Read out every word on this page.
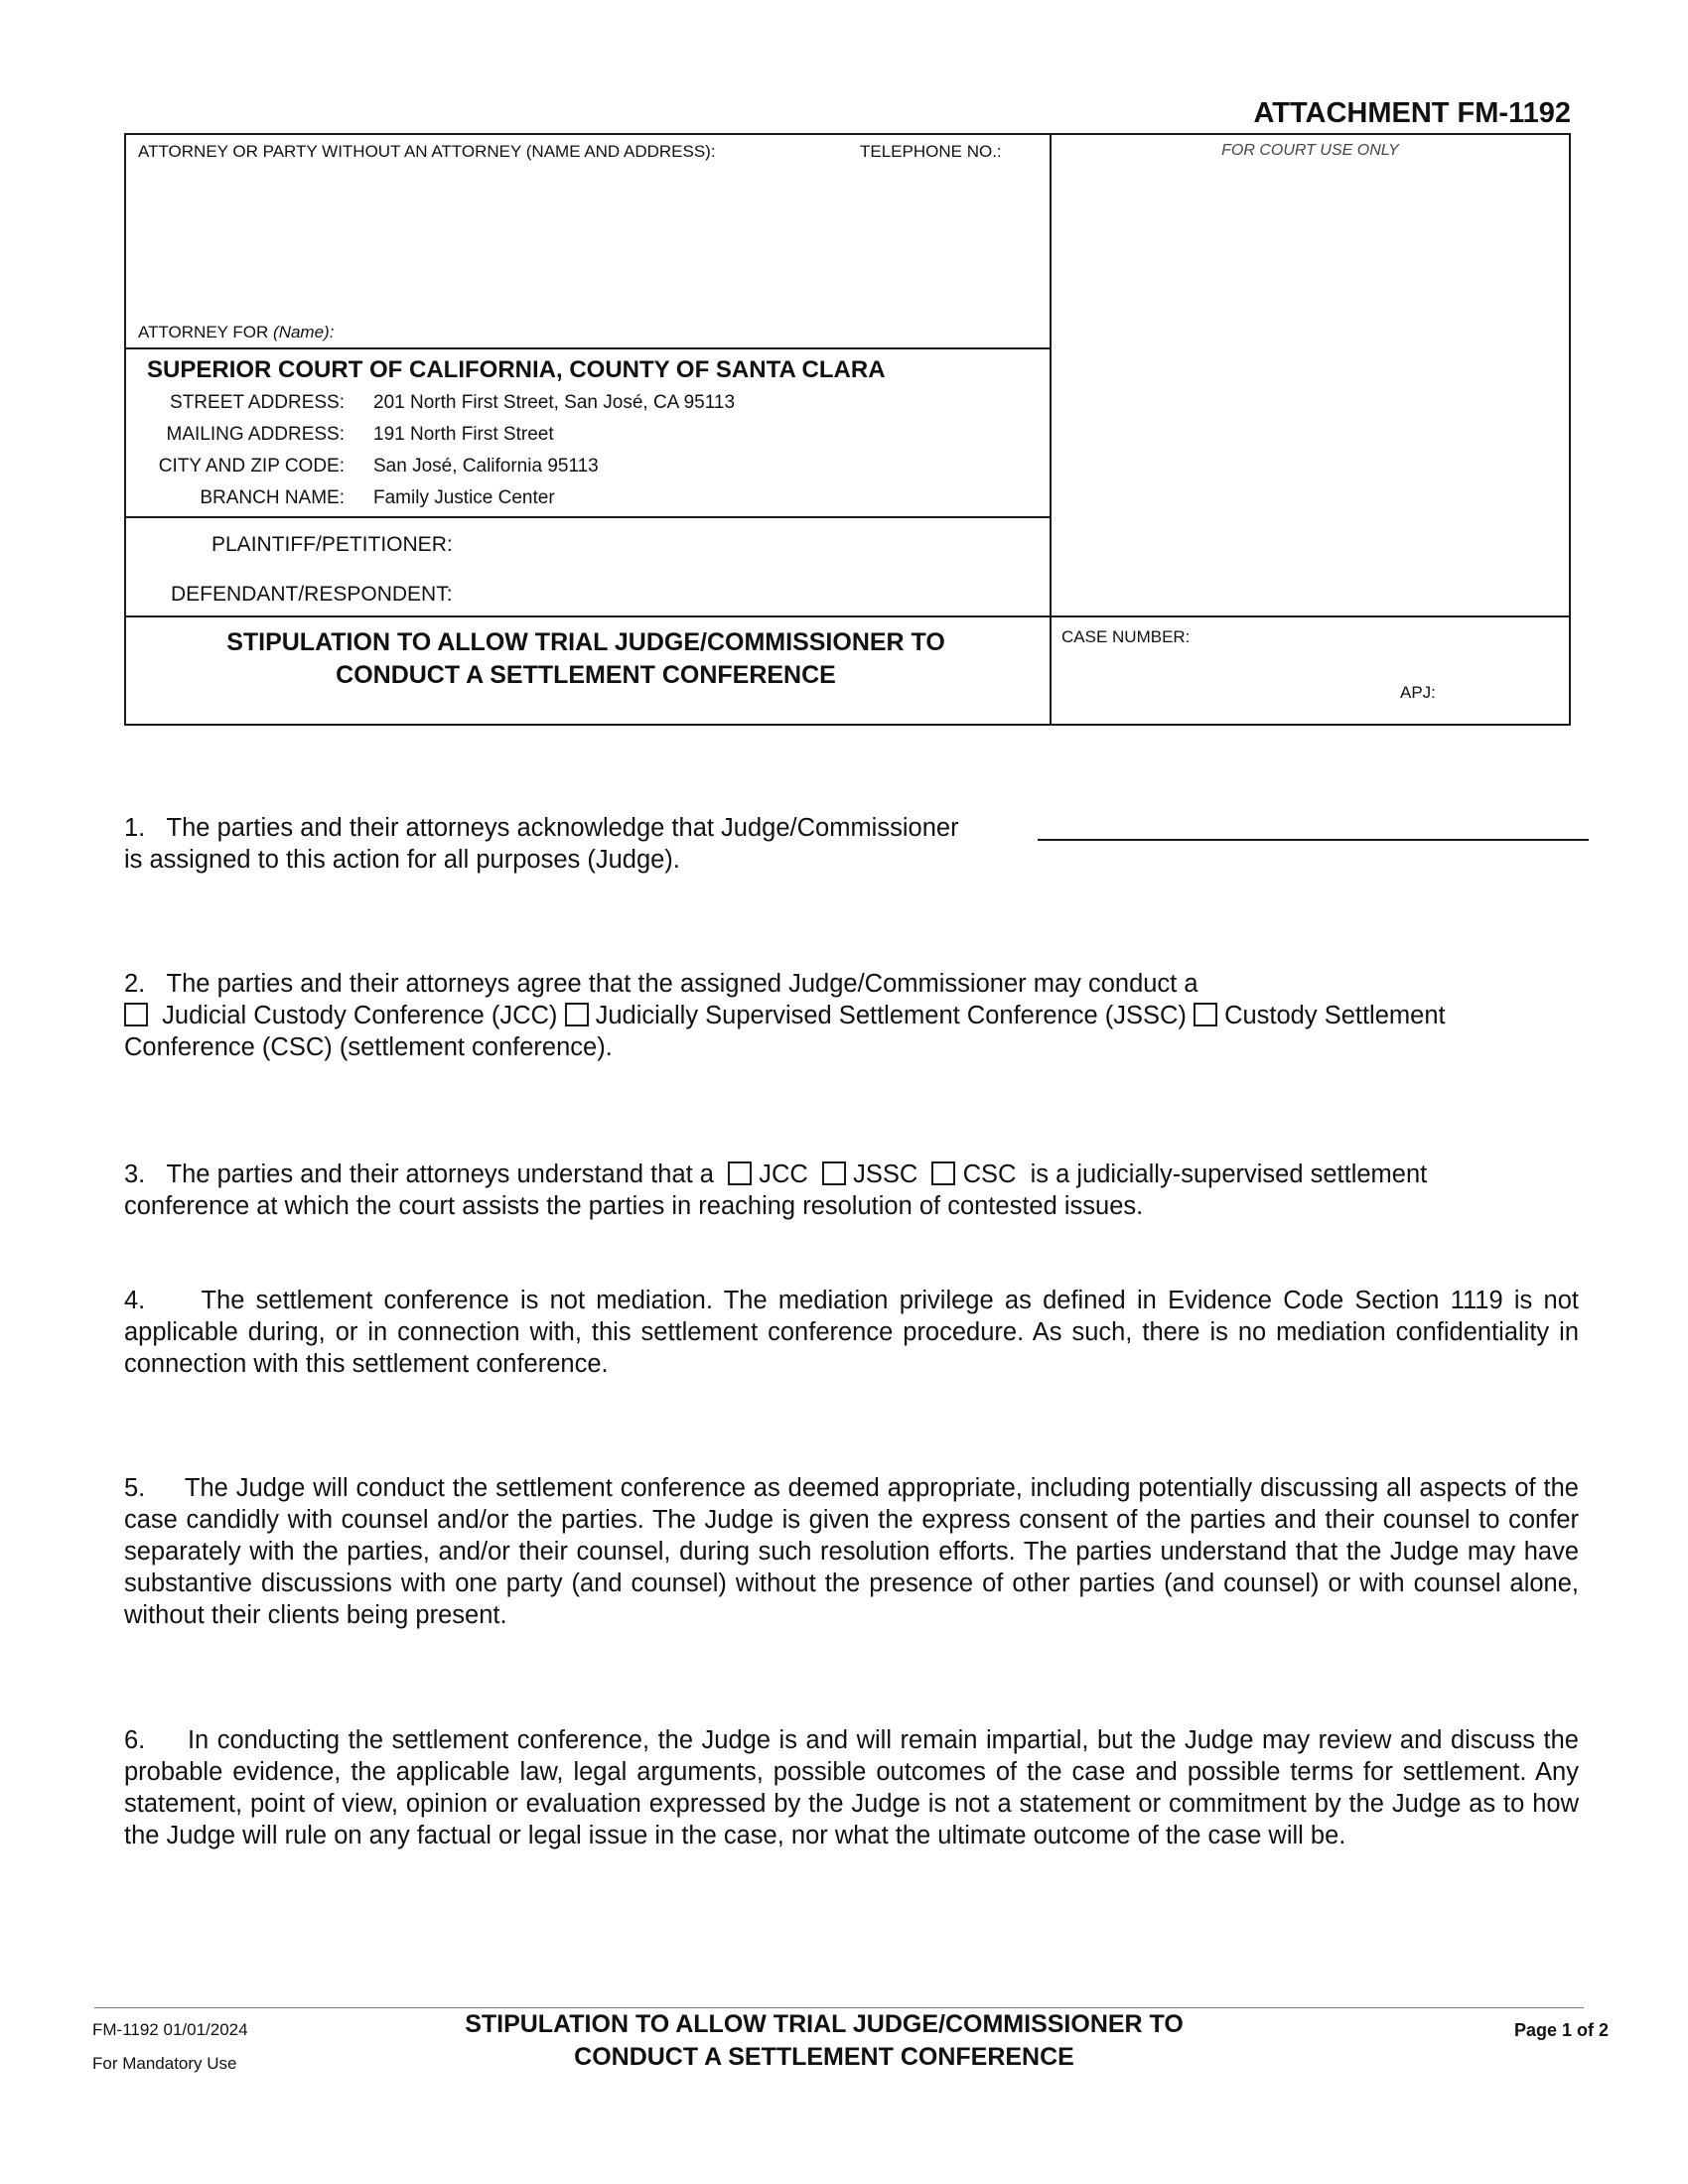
ATTACHMENT FM-1192
ATTORNEY OR PARTY WITHOUT AN ATTORNEY (NAME AND ADDRESS):	TELEPHONE NO.:	FOR COURT USE ONLY
ATTORNEY FOR (Name):
SUPERIOR COURT OF CALIFORNIA, COUNTY OF SANTA CLARA
STREET ADDRESS: 201 North First Street, San José, CA 95113
MAILING ADDRESS: 191 North First Street
CITY AND ZIP CODE: San José, California 95113
BRANCH NAME: Family Justice Center
PLAINTIFF/PETITIONER:
DEFENDANT/RESPONDENT:
STIPULATION TO ALLOW TRIAL JUDGE/COMMISSIONER TO
CONDUCT A SETTLEMENT CONFERENCE
CASE NUMBER:
APJ:
1. The parties and their attorneys acknowledge that Judge/Commissioner
is assigned to this action for all purposes (Judge).
2. The parties and their attorneys agree that the assigned Judge/Commissioner may conduct a
Judicial Custody Conference (JCC) Judicially Supervised Settlement Conference (JSSC) Custody Settlement
Conference (CSC) (settlement conference).
3. The parties and their attorneys understand that a JCC JSSC CSC is a judicially-supervised settlement
conference at which the court assists the parties in reaching resolution of contested issues.
4. The settlement conference is not mediation. The mediation privilege as defined in Evidence Code Section 1119 is not applicable during, or in connection with, this settlement conference procedure. As such, there is no mediation confidentiality in connection with this settlement conference.
5. The Judge will conduct the settlement conference as deemed appropriate, including potentially discussing all aspects of the case candidly with counsel and/or the parties. The Judge is given the express consent of the parties and their counsel to confer separately with the parties, and/or their counsel, during such resolution efforts. The parties understand that the Judge may have substantive discussions with one party (and counsel) without the presence of other parties (and counsel) or with counsel alone, without their clients being present.
6. In conducting the settlement conference, the Judge is and will remain impartial, but the Judge may review and discuss the probable evidence, the applicable law, legal arguments, possible outcomes of the case and possible terms for settlement. Any statement, point of view, opinion or evaluation expressed by the Judge is not a statement or commitment by the Judge as to how the Judge will rule on any factual or legal issue in the case, nor what the ultimate outcome of the case will be.
FM-1192 01/01/2024
For Mandatory Use
STIPULATION TO ALLOW TRIAL JUDGE/COMMISSIONER TO
CONDUCT A SETTLEMENT CONFERENCE
Page 1 of 2
